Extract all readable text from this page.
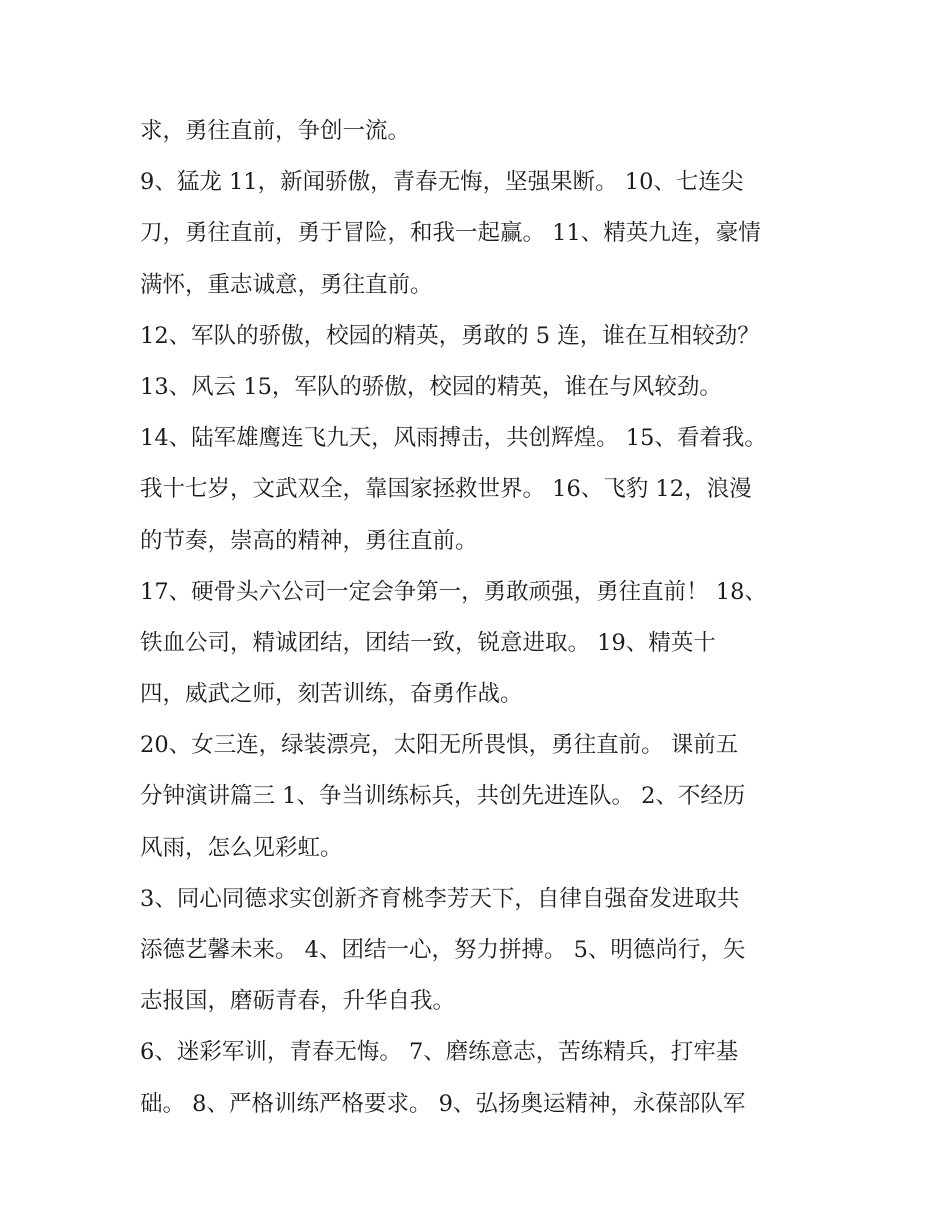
求，勇往直前，争创一流。
9、猛龙 11，新闻骄傲，青春无悔，坚强果断。 10、七连尖
刀，勇往直前，勇于冒险，和我一起赢。 11、精英九连，豪情
满怀，重志诚意，勇往直前。
12、军队的骄傲，校园的精英，勇敢的 5 连，谁在互相较劲？
13、风云 15，军队的骄傲，校园的精英，谁在与风较劲。
14、陆军雄鹰连飞九天，风雨搏击，共创辉煌。 15、看着我。
我十七岁，文武双全，靠国家拯救世界。 16、飞豹 12，浪漫
的节奏，崇高的精神，勇往直前。
17、硬骨头六公司一定会争第一，勇敢顽强，勇往直前！ 18、
铁血公司，精诚团结，团结一致，锐意进取。 19、精英十
四，威武之师，刻苦训练，奋勇作战。
20、女三连，绿装漂亮，太阳无所畏惧，勇往直前。 课前五
分钟演讲篇三 1、争当训练标兵，共创先进连队。 2、不经历
风雨，怎么见彩虹。
3、同心同德求实创新齐育桃李芳天下，自律自强奋发进取共
添德艺馨未来。 4、团结一心，努力拼搏。 5、明德尚行，矢
志报国，磨砺青春，升华自我。
6、迷彩军训，青春无悔。 7、磨练意志，苦练精兵，打牢基
础。 8、严格训练严格要求。 9、弘扬奥运精神，永葆部队军
